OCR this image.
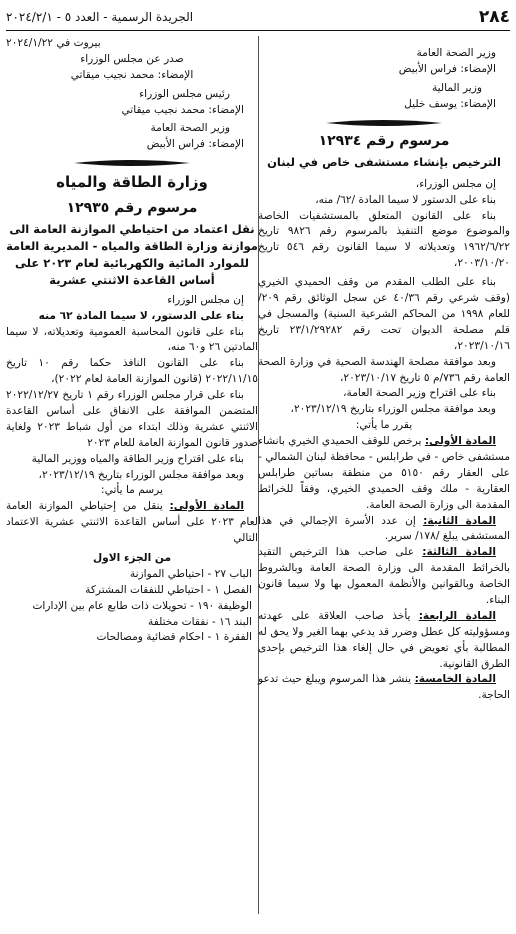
٢٨٤
الجريدة الرسمية - العدد ٥ - ٢٠٢٤/٢/١

وزير الصحة العامة

الإمضاء: فراس الأبيض

وزير المالية

الإمضاء: يوسف خليل

مرسوم رقم ١٢٩٣٤

الترخيص بإنشاء مستشفى خاص في لبنان

إن مجلس الوزراء،

بناء على الدستور لا سيما المادة /٦٢/ منه،

بناء على القانون المتعلق بالمستشفيات الخاصة والموضوع موضع التنفيذ بالمرسوم رقم ٩٨٢٦ تاريخ ١٩٦٢/٦/٢٢ وتعديلاته لا سيما القانون رقم ٥٤٦ تاريخ ٢٠٠٣/١٠/٢٠،

بناء على الطلب المقدم من وقف الحميدي الخيري (وقف شرعي رقم ٤٠/٣٦ عن سجل الوثائق رقم ٢٠٩/ للعام ١٩٩٨ من المحاكم الشرعية السنية) والمسجل في قلم مصلحة الديوان تحت رقم ٢٣/١/٢٩٢٨٢ تاريخ ٢٠٢٣/١٠/١٦،

وبعد موافقة مصلحة الهندسة الصحية في وزارة الصحة العامة رقم ٧٣٦/م ٥ تاريخ ٢٠٢٣/١٠/١٧،

بناء على اقتراح وزير الصحة العامة،

وبعد موافقة مجلس الوزراء بتاريخ ٢٠٢٣/١٢/١٩،

يقرر ما يأتي:

المادة الأولى: يرخص للوقف الحميدي الخيري بانشاء مستشفى خاص - في طرابلس - محافظة لبنان الشمالي - على العقار رقم ٥١٥٠ من منطقة بساتين طرابلس العقارية - ملك وقف الحميدي الخيري، وفقاً للخرائط المقدمة الى وزارة الصحة العامة.

المادة الثانية: إن عدد الأسرة الإجمالي في هذا المستشفى يبلغ /١٧٨/ سرير.

المادة الثالثة: على صاحب هذا الترخيص التقيد بالخرائط المقدمة الى وزارة الصحة العامة وبالشروط الخاصة وبالقوانين والأنظمة المعمول بها ولا سيما قانون البناء.

المادة الرابعة: يأخذ صاحب العلاقة على عهدته ومسؤوليته كل عطل وضرر قد يدعي بهما الغير ولا يحق له المطالبة بأي تعويض في حال إلغاء هذا الترخيص بإحدى الطرق القانونية.

المادة الخامسة: ينشر هذا المرسوم ويبلغ حيث تدعو الحاجة.

بيروت في ٢٠٢٤/١/٢٢

صدر عن مجلس الوزراء

الإمضاء: محمد نجيب ميقاتي

رئيس مجلس الوزراء

الإمضاء: محمد نجيب ميقاتي

وزير الصحة العامة

الإمضاء: فراس الأبيض

وزارة الطاقة والمياه

مرسوم رقم ١٢٩٣٥

نقل اعتماد من احتياطي الموازنة العامة الى موازنة وزارة الطاقة والمياه - المديرية العامة للموارد المائية والكهربائية لعام ٢٠٢٣ على أساس القاعدة الاثنتي عشرية

إن مجلس الوزراء

بناء على الدستور، لا سيما المادة ٦٢ منه

بناء على قانون المحاسبة العمومية وتعديلاته، لا سيما المادتين ٢٦ و٦٠ منه،

بناء على القانون النافذ حكما رقم ١٠ تاريخ ٢٠٢٢/١١/١٥ (قانون الموازنة العامة لعام ٢٠٢٢)،

بناء على قرار مجلس الوزراء رقم ١ تاريخ ٢٠٢٢/١٢/٢٧ المتضمن الموافقة على الانفاق على أساس القاعدة الاثنتي عشرية وذلك ابتداء من أول شباط ٢٠٢٣ ولغاية صدور قانون الموازنة العامة للعام ٢٠٢٣

بناء على اقتراح وزير الطاقة والمياه ووزير المالية

وبعد موافقة مجلس الوزراء بتاريخ ٢٠٢٣/١٢/١٩،

يرسم ما يأتي:

المادة الأولى: ينقل من إحتياطي الموازنة العامة لعام ٢٠٢٣ على أساس القاعدة الاثنتي عشرية الاعتماد التالي

من الجزء الاول

الباب ٢٧ - احتياطي الموازنة

الفصل ١ - احتياطي للنفقات المشتركة

الوظيفة ١٩٠ - تحويلات ذات طابع عام بين الإدارات

البند ١٦ - نفقات مختلفة

الفقرة ١ - احكام قضائية ومصالحات
